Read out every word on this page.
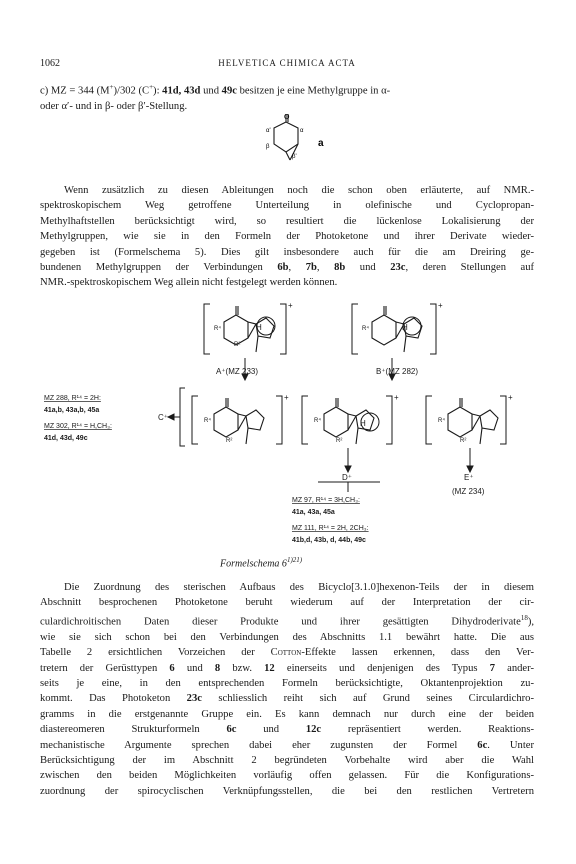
1062	HELVETICA CHIMICA ACTA
c) MZ = 344 (M+)/302 (C+): 41d, 43d und 49c besitzen je eine Methylgruppe in α-
oder α′- und in β- oder β′-Stellung.
O
α'
β
α
β'
a
Wenn zusätzlich zu diesen Ableitungen noch die schon oben erläuterte, auf NMR.-
spektroskopischem Weg getroffene Unterteilung in olefinische und Cyclopropan-
Methylhaftstellen berücksichtigt wird, so resultiert die lückenlose Lokalisierung der
Methylgruppen, wie sie in den Formeln der Photoketone und ihrer Derivate wieder-
gegeben ist (Formelschema 5). Dies gilt insbesondere auch für die am Dreiring ge-
bundenen Methylgruppen der Verbindungen 6b, 7b, 8b und 23c, deren Stellungen auf
NMR.-spektroskopischem Weg allein nicht festgelegt werden können.
H	H
H
+	+
+	+	+
R⁴	R⁴
R⁴	R⁴	R⁴
R²
R²	R²	R²
A⁺(MZ 233)	B⁺(MZ 282)
C⁺
D⁺	E⁺
(MZ 234)
MZ 288, R¹⁴ = 2H:
41a,b, 43a,b, 45a
MZ 302, R¹⁴ = H,CH₃:
41d, 43d, 49c
MZ 97, R¹⁴ = 3H,CH₃:
41a, 43a, 45a
MZ 111, R¹⁴ = 2H, 2CH₃:
41b,d, 43b, d, 44b, 49c
Formelschema $6^{1)21)}$
Die Zuordnung des sterischen Aufbaus des Bicyclo[3.1.0]hexenon-Teils der in diesem
Abschnitt besprochenen Photoketone beruht wiederum auf der Interpretation der cir-
culardichroitischen Daten dieser Produkte und ihrer gesättigten Dihydroderivate$^{18}$),
wie sie sich schon bei den Verbindungen des Abschnitts 1.1 bewährt hatte. Die aus
Tabelle 2 ersichtlichen Vorzeichen der Cotton-Effekte lassen erkennen, dass den Ver-
tretern der Gerüsttypen 6 und 8 bzw. 12 einerseits und denjenigen des Typus 7 ander-
seits je eine, in den entsprechenden Formeln berücksichtigte, Oktantenprojektion zu-
kommt. Das Photoketon 23c schliesslich reiht sich auf Grund seines Circulardichro-
gramms in die erstgenannte Gruppe ein. Es kann demnach nur durch eine der beiden
diastereomeren Strukturformeln 6c und 12c repräsentiert werden. Reaktions-
mechanistische Argumente sprechen dabei eher zugunsten der Formel 6c. Unter
Berücksichtigung der im Abschnitt 2 begründeten Vorbehalte wird aber die Wahl
zwischen den beiden Möglichkeiten vorläufig offen gelassen. Für die Konfigurations-
zuordnung der spirocyclischen Verknüpfungsstellen, die bei den restlichen Vertretern
